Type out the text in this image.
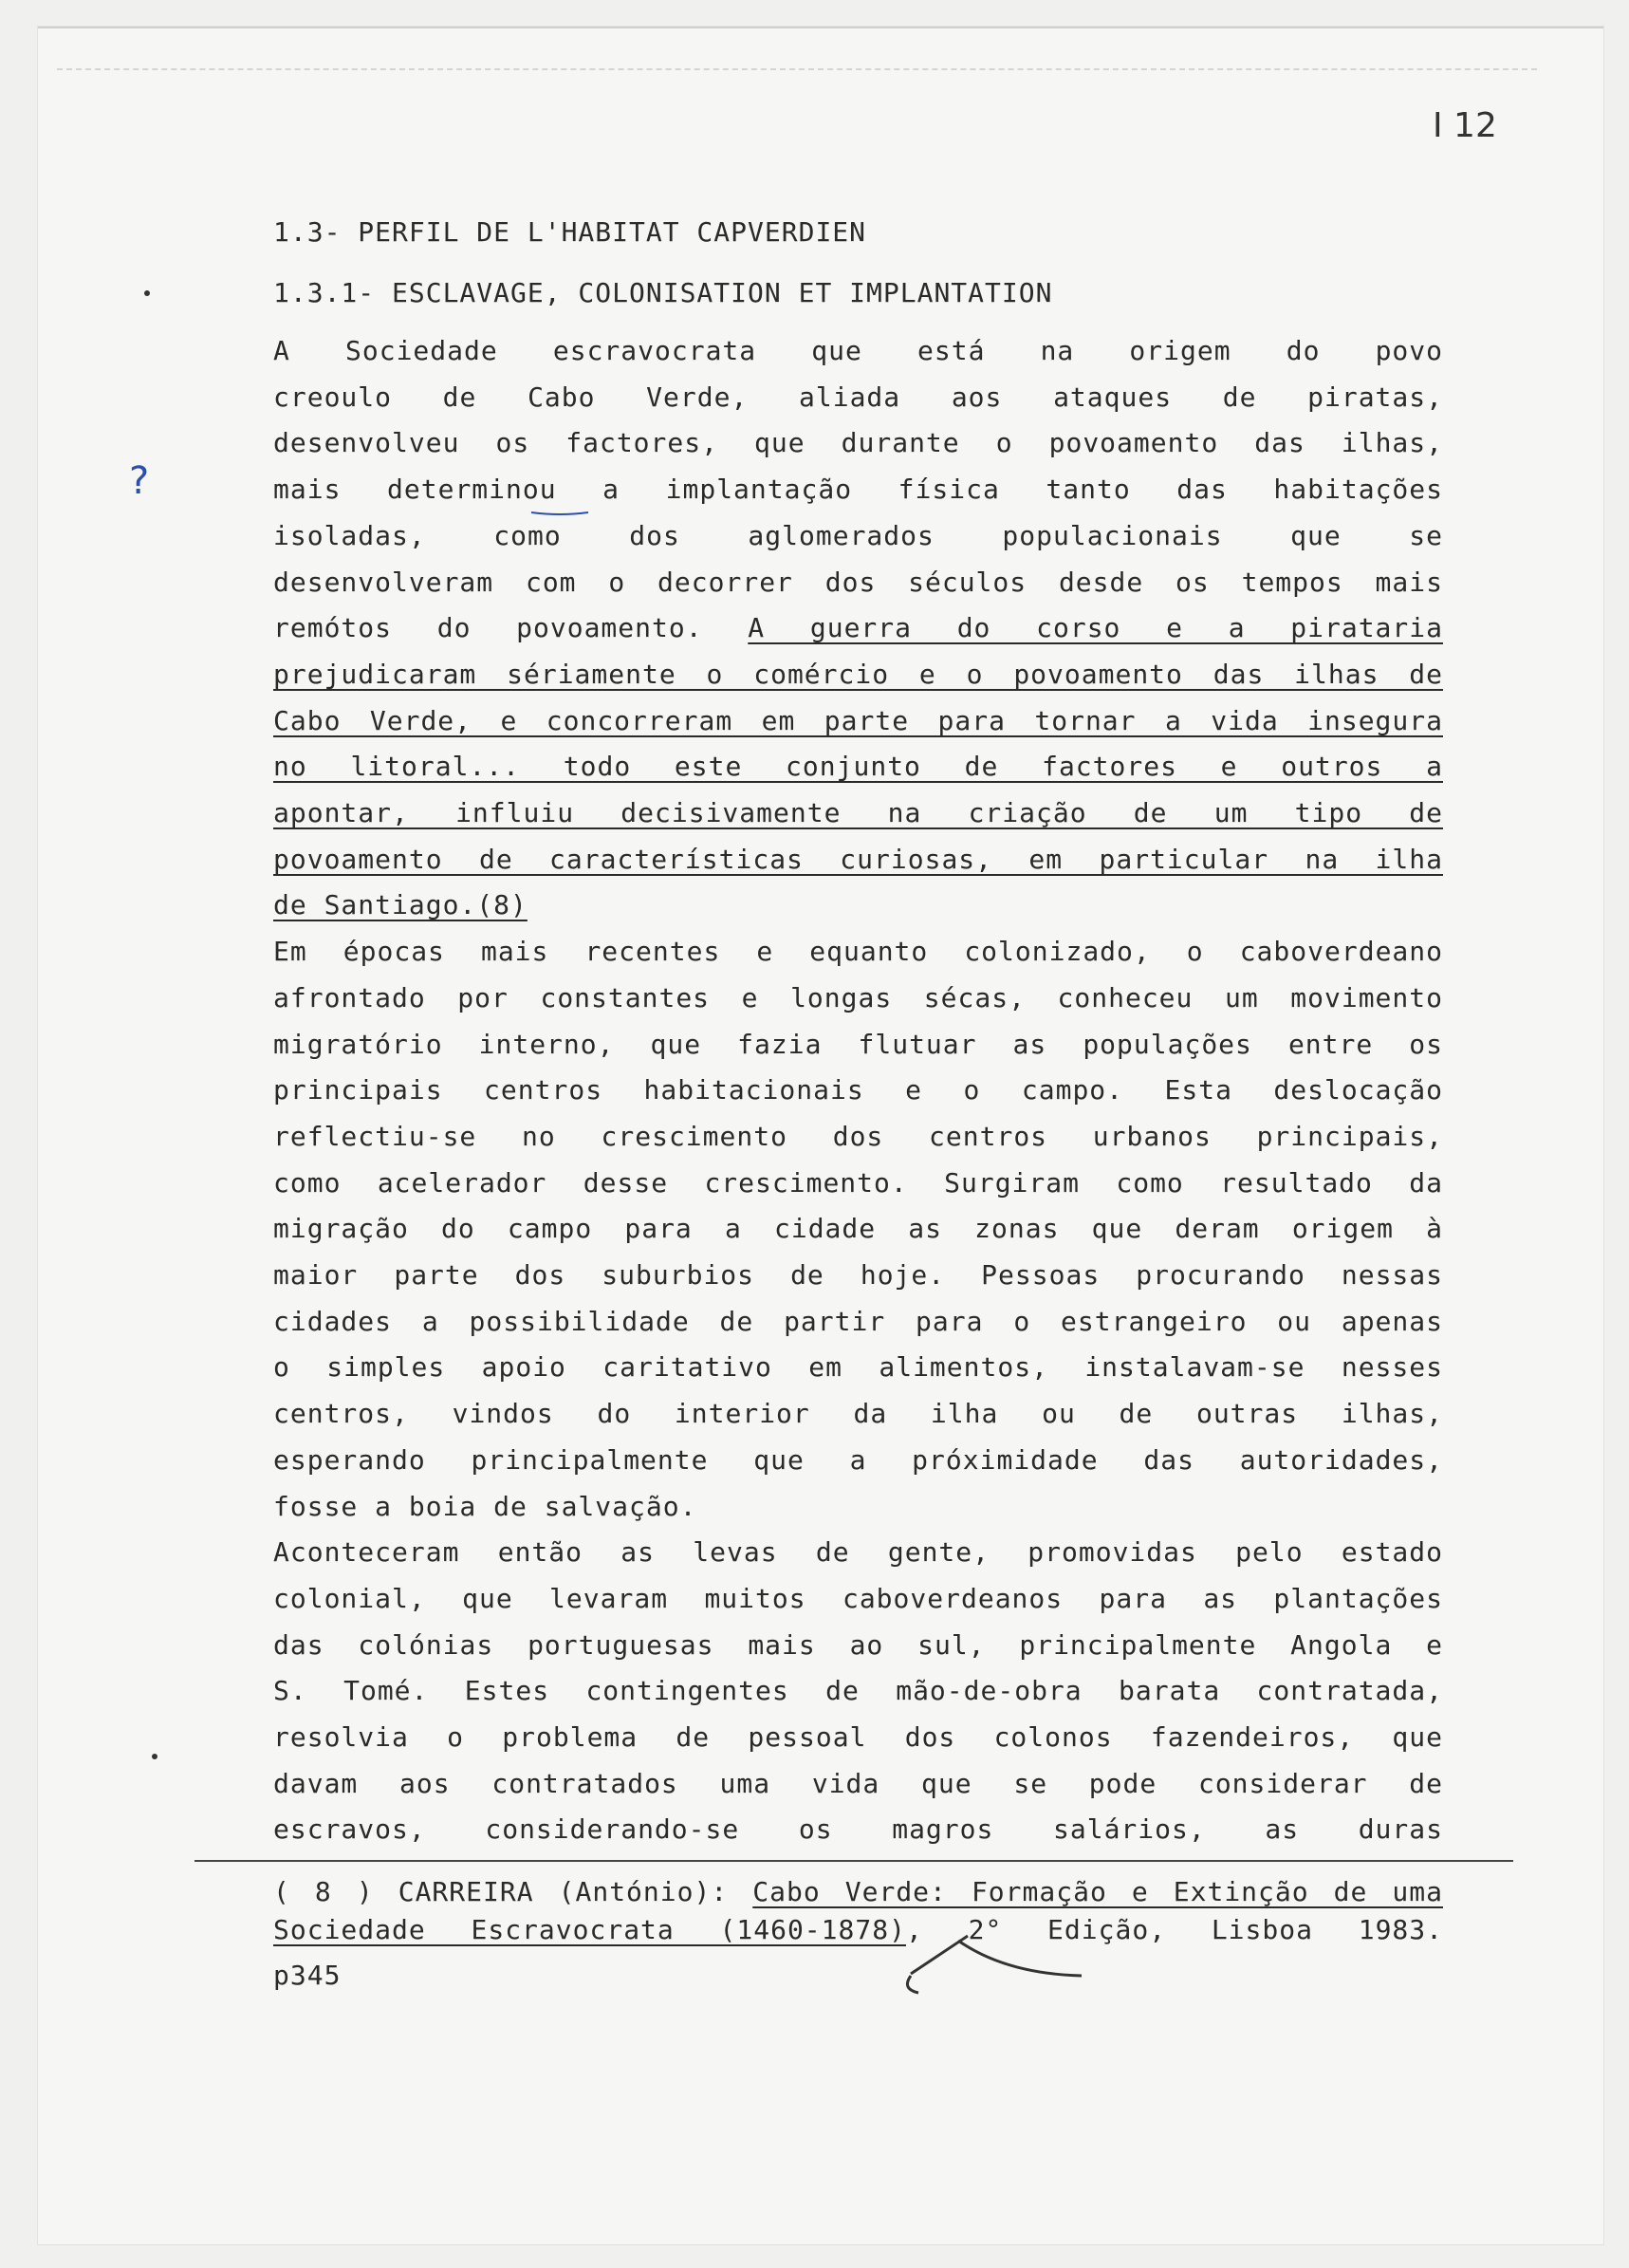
I 12
1.3- PERFIL DE L'HABITAT CAPVERDIEN
1.3.1- ESCLAVAGE, COLONISATION ET IMPLANTATION
?
A Sociedade escravocrata que está na origem do povo
creoulo de Cabo Verde, aliada aos ataques de piratas,
desenvolveu os factores, que durante o povoamento das ilhas,
mais determinou a implantação física tanto das habitações
isoladas, como dos aglomerados populacionais que se
desenvolveram com o decorrer dos séculos desde os tempos mais
remótos do povoamento. A guerra do corso e a pirataria
prejudicaram sériamente o comércio e o povoamento das ilhas de
Cabo Verde, e concorreram em parte para tornar a vida insegura
no litoral... todo este conjunto de factores e outros a
apontar, influiu decisivamente na criação de um tipo de
povoamento de características curiosas, em particular na ilha
de Santiago.(8)
Em épocas mais recentes e equanto colonizado, o caboverdeano
afrontado por constantes e longas sécas, conheceu um movimento
migratório interno, que fazia flutuar as populações entre os
principais centros habitacionais e o campo. Esta deslocação
reflectiu-se no crescimento dos centros urbanos principais,
como acelerador desse crescimento. Surgiram como resultado da
migração do campo para a cidade as zonas que deram origem à
maior parte dos suburbios de hoje. Pessoas procurando nessas
cidades a possibilidade de partir para o estrangeiro ou apenas
o simples apoio caritativo em alimentos, instalavam-se nesses
centros, vindos do interior da ilha ou de outras ilhas,
esperando principalmente que a próximidade das autoridades,
fosse a boia de salvação.
Aconteceram então as levas de gente, promovidas pelo estado
colonial, que levaram muitos caboverdeanos para as plantações
das colónias portuguesas mais ao sul, principalmente Angola e
S. Tomé. Estes contingentes de mão-de-obra barata contratada,
resolvia o problema de pessoal dos colonos fazendeiros, que
davam aos contratados uma vida que se pode considerar de
escravos, considerando-se os magros salários, as duras
( 8 ) CARREIRA (António): Cabo Verde: Formação e Extinção de uma
Sociedade Escravocrata (1460-1878), 2° Edição, Lisboa 1983.
p345
